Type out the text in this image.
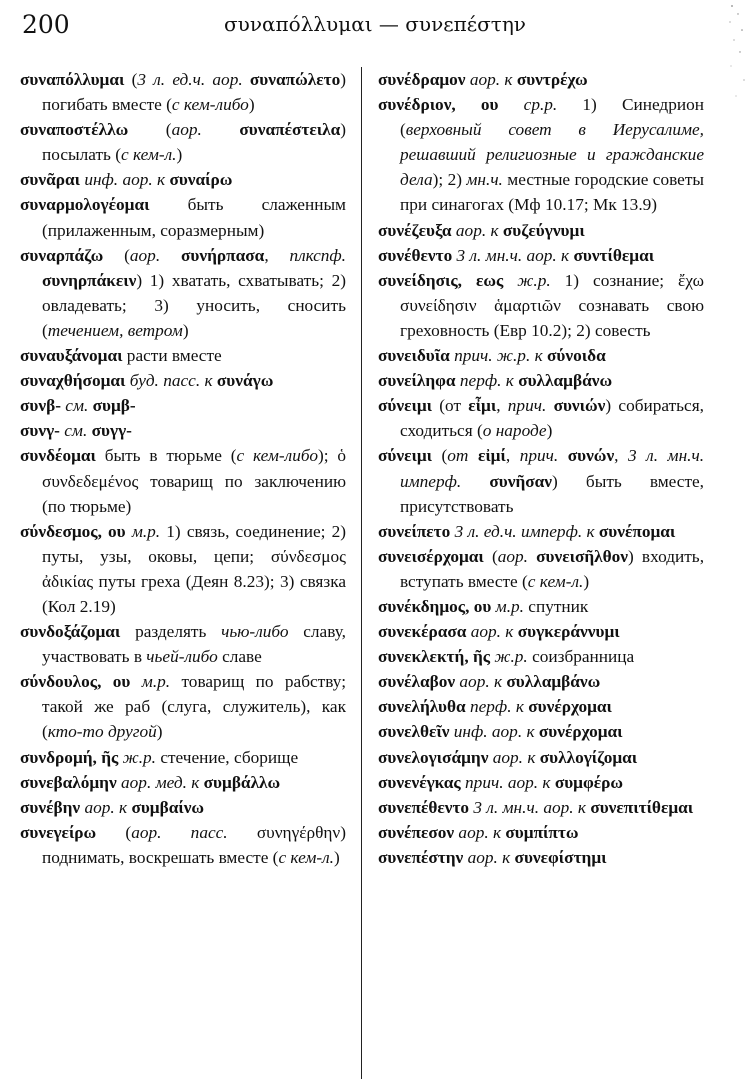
200	συναπόλλυμαι — συνεπέστην

συναπόλλυμαι (3 л. ед.ч. аор. συναπώλετο) погибать вместе (с кем-либо)

συναποστέλλω (аор. συναπέστειλα) посылать (с кем-л.)

συνᾶραι инф. аор. к συναίρω

συναρμολογέομαι быть слаженным (прилаженным, соразмерным)

συναρπάζω (аор. συνήρπασα, плкспф. συνηρπάκειν) 1) хватать, схватывать; 2) овладевать; 3) уносить, сносить (течением, ветром)

συναυξάνομαι расти вместе

συναχθήσομαι буд. пасс. к συνάγω

συνβ- см. συμβ-

συνγ- см. συγγ-

συνδέομαι быть в тюрьме (с кем-либо); ὁ συνδεδεμένος товарищ по заключению (по тюрьме)

σύνδεσμος, ου м.р. 1) связь, соединение; 2) путы, узы, оковы, цепи; σύνδεσμος ἀδικίας путы греха (Деян 8.23); 3) связка (Кол 2.19)

συνδοξάζομαι разделять чью-либо славу, участвовать в чьей-либо славе

σύνδουλος, ου м.р. товарищ по рабству; такой же раб (слуга, служитель), как (кто-то другой)

συνδρομή, ῆς ж.р. стечение, сборище

συνεβαλόμην аор. мед. к συμβάλλω

συνέβην аор. к συμβαίνω

συνεγείρω (аор. пасс. συνηγέρθην) поднимать, воскрешать вместе (с кем-л.)

συνέδραμον аор. к συντρέχω

συνέδριον, ου ср.р. 1) Синедрион (верховный совет в Иерусалиме, решавший религиозные и гражданские дела); 2) мн.ч. местные городские советы при синагогах (Мф 10.17; Мк 13.9)

συνέζευξα аор. к συζεύγνυμι

συνέθεντο 3 л. мн.ч. аор. к συντίθεμαι

συνείδησις, εως ж.р. 1) сознание; ἔχω συνείδησιν ἁμαρτιῶν сознавать свою греховность (Евр 10.2); 2) совесть

συνειδυῖα прич. ж.р. к σύνοιδα

συνείληφα перф. к συλλαμβάνω

σύνειμι (от εἶμι, прич. συνιών) собираться, сходиться (о народе)

σύνειμι (от εἰμί, прич. συνών, 3 л. мн.ч. имперф. συνῆσαν) быть вместе, присутствовать

συνείπετο 3 л. ед.ч. имперф. к συνέπομαι

συνεισέρχομαι (аор. συνεισῆλθον) входить, вступать вместе (с кем-л.)

συνέκδημος, ου м.р. спутник

συνεκέρασα аор. к συγκεράννυμι

συνεκλεκτή, ῆς ж.р. соизбранница

συνέλαβον аор. к συλλαμβάνω

συνελήλυθα перф. к συνέρχομαι

συνελθεῖν инф. аор. к συνέρχομαι

συνελογισάμην аор. к συλλογίζομαι

συνενέγκας прич. аор. к συμφέρω

συνεπέθεντο 3 л. мн.ч. аор. к συνεπιτίθεμαι

συνέπεσον аор. к συμπίπτω

συνεπέστην аор. к συνεφίστημι
